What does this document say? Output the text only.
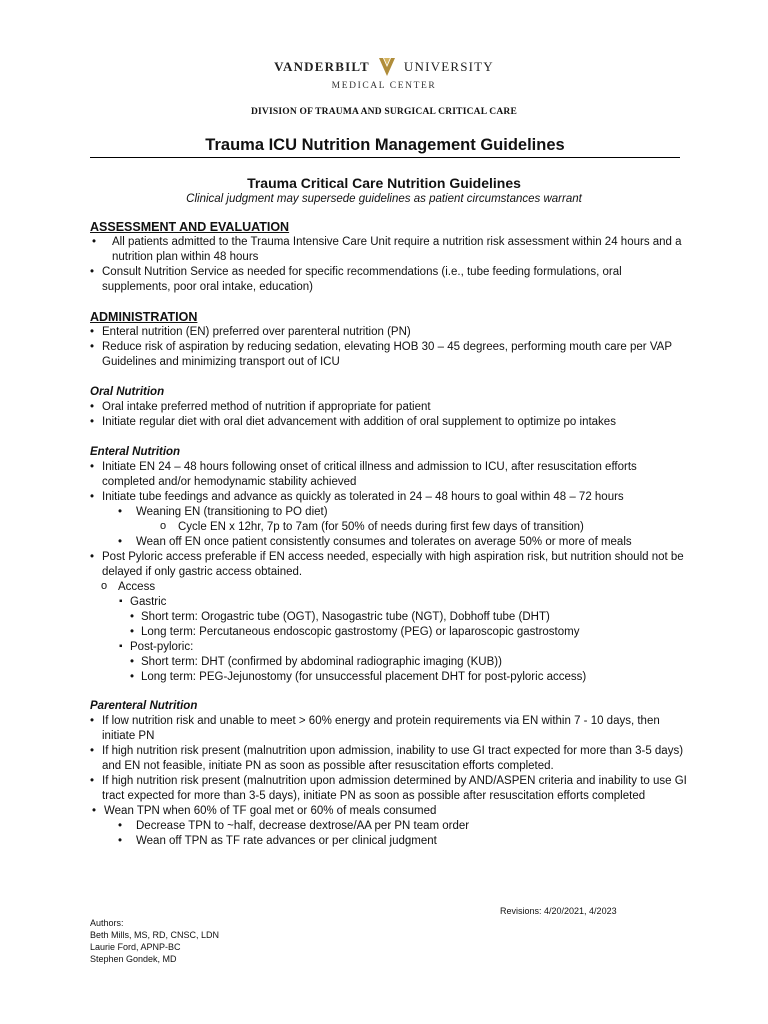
VANDERBILT	UNIVERSITY
MEDICAL CENTER
DIVISION OF TRAUMA AND SURGICAL CRITICAL CARE
Trauma ICU Nutrition Management Guidelines
Trauma Critical Care Nutrition Guidelines
Clinical judgment may supersede guidelines as patient circumstances warrant
ASSESSMENT AND EVALUATION
• All patients admitted to the Trauma Intensive Care Unit require a nutrition risk assessment within 24 hours and a nutrition plan within 48 hours
• Consult Nutrition Service as needed for specific recommendations (i.e., tube feeding formulations, oral supplements, poor oral intake, education)
ADMINISTRATION
• Enteral nutrition (EN) preferred over parenteral nutrition (PN)
• Reduce risk of aspiration by reducing sedation, elevating HOB 30 – 45 degrees, performing mouth care per VAP Guidelines and minimizing transport out of ICU
Oral Nutrition
• Oral intake preferred method of nutrition if appropriate for patient
• Initiate regular diet with oral diet advancement with addition of oral supplement to optimize po intakes
Enteral Nutrition
• Initiate EN 24 – 48 hours following onset of critical illness and admission to ICU, after resuscitation efforts completed and/or hemodynamic stability achieved
• Initiate tube feedings and advance as quickly as tolerated in 24 – 48 hours to goal within 48 – 72 hours
• Weaning EN (transitioning to PO diet)
o Cycle EN x 12hr, 7p to 7am (for 50% of needs during first few days of transition)
• Wean off EN once patient consistently consumes and tolerates on average 50% or more of meals
• Post Pyloric access preferable if EN access needed, especially with high aspiration risk, but nutrition should not be delayed if only gastric access obtained.
o Access
▪ Gastric
• Short term: Orogastric tube (OGT), Nasogastric tube (NGT), Dobhoff tube (DHT)
• Long term: Percutaneous endoscopic gastrostomy (PEG) or laparoscopic gastrostomy
▪ Post-pyloric:
• Short term: DHT (confirmed by abdominal radiographic imaging (KUB))
• Long term: PEG-Jejunostomy (for unsuccessful placement DHT for post-pyloric access)
Parenteral Nutrition
• If low nutrition risk and unable to meet > 60% energy and protein requirements via EN within 7 - 10 days, then initiate PN
• If high nutrition risk present (malnutrition upon admission, inability to use GI tract expected for more than 3-5 days) and EN not feasible, initiate PN as soon as possible after resuscitation efforts completed.
• If high nutrition risk present (malnutrition upon admission determined by AND/ASPEN criteria and inability to use GI tract expected for more than 3-5 days), initiate PN as soon as possible after resuscitation efforts completed
• Wean TPN when 60% of TF goal met or 60% of meals consumed
• Decrease TPN to ~half, decrease dextrose/AA per PN team order
• Wean off TPN as TF rate advances or per clinical judgment
Revisions: 4/20/2021, 4/2023
Authors:
Beth Mills, MS, RD, CNSC, LDN
Laurie Ford, APNP-BC
Stephen Gondek, MD
